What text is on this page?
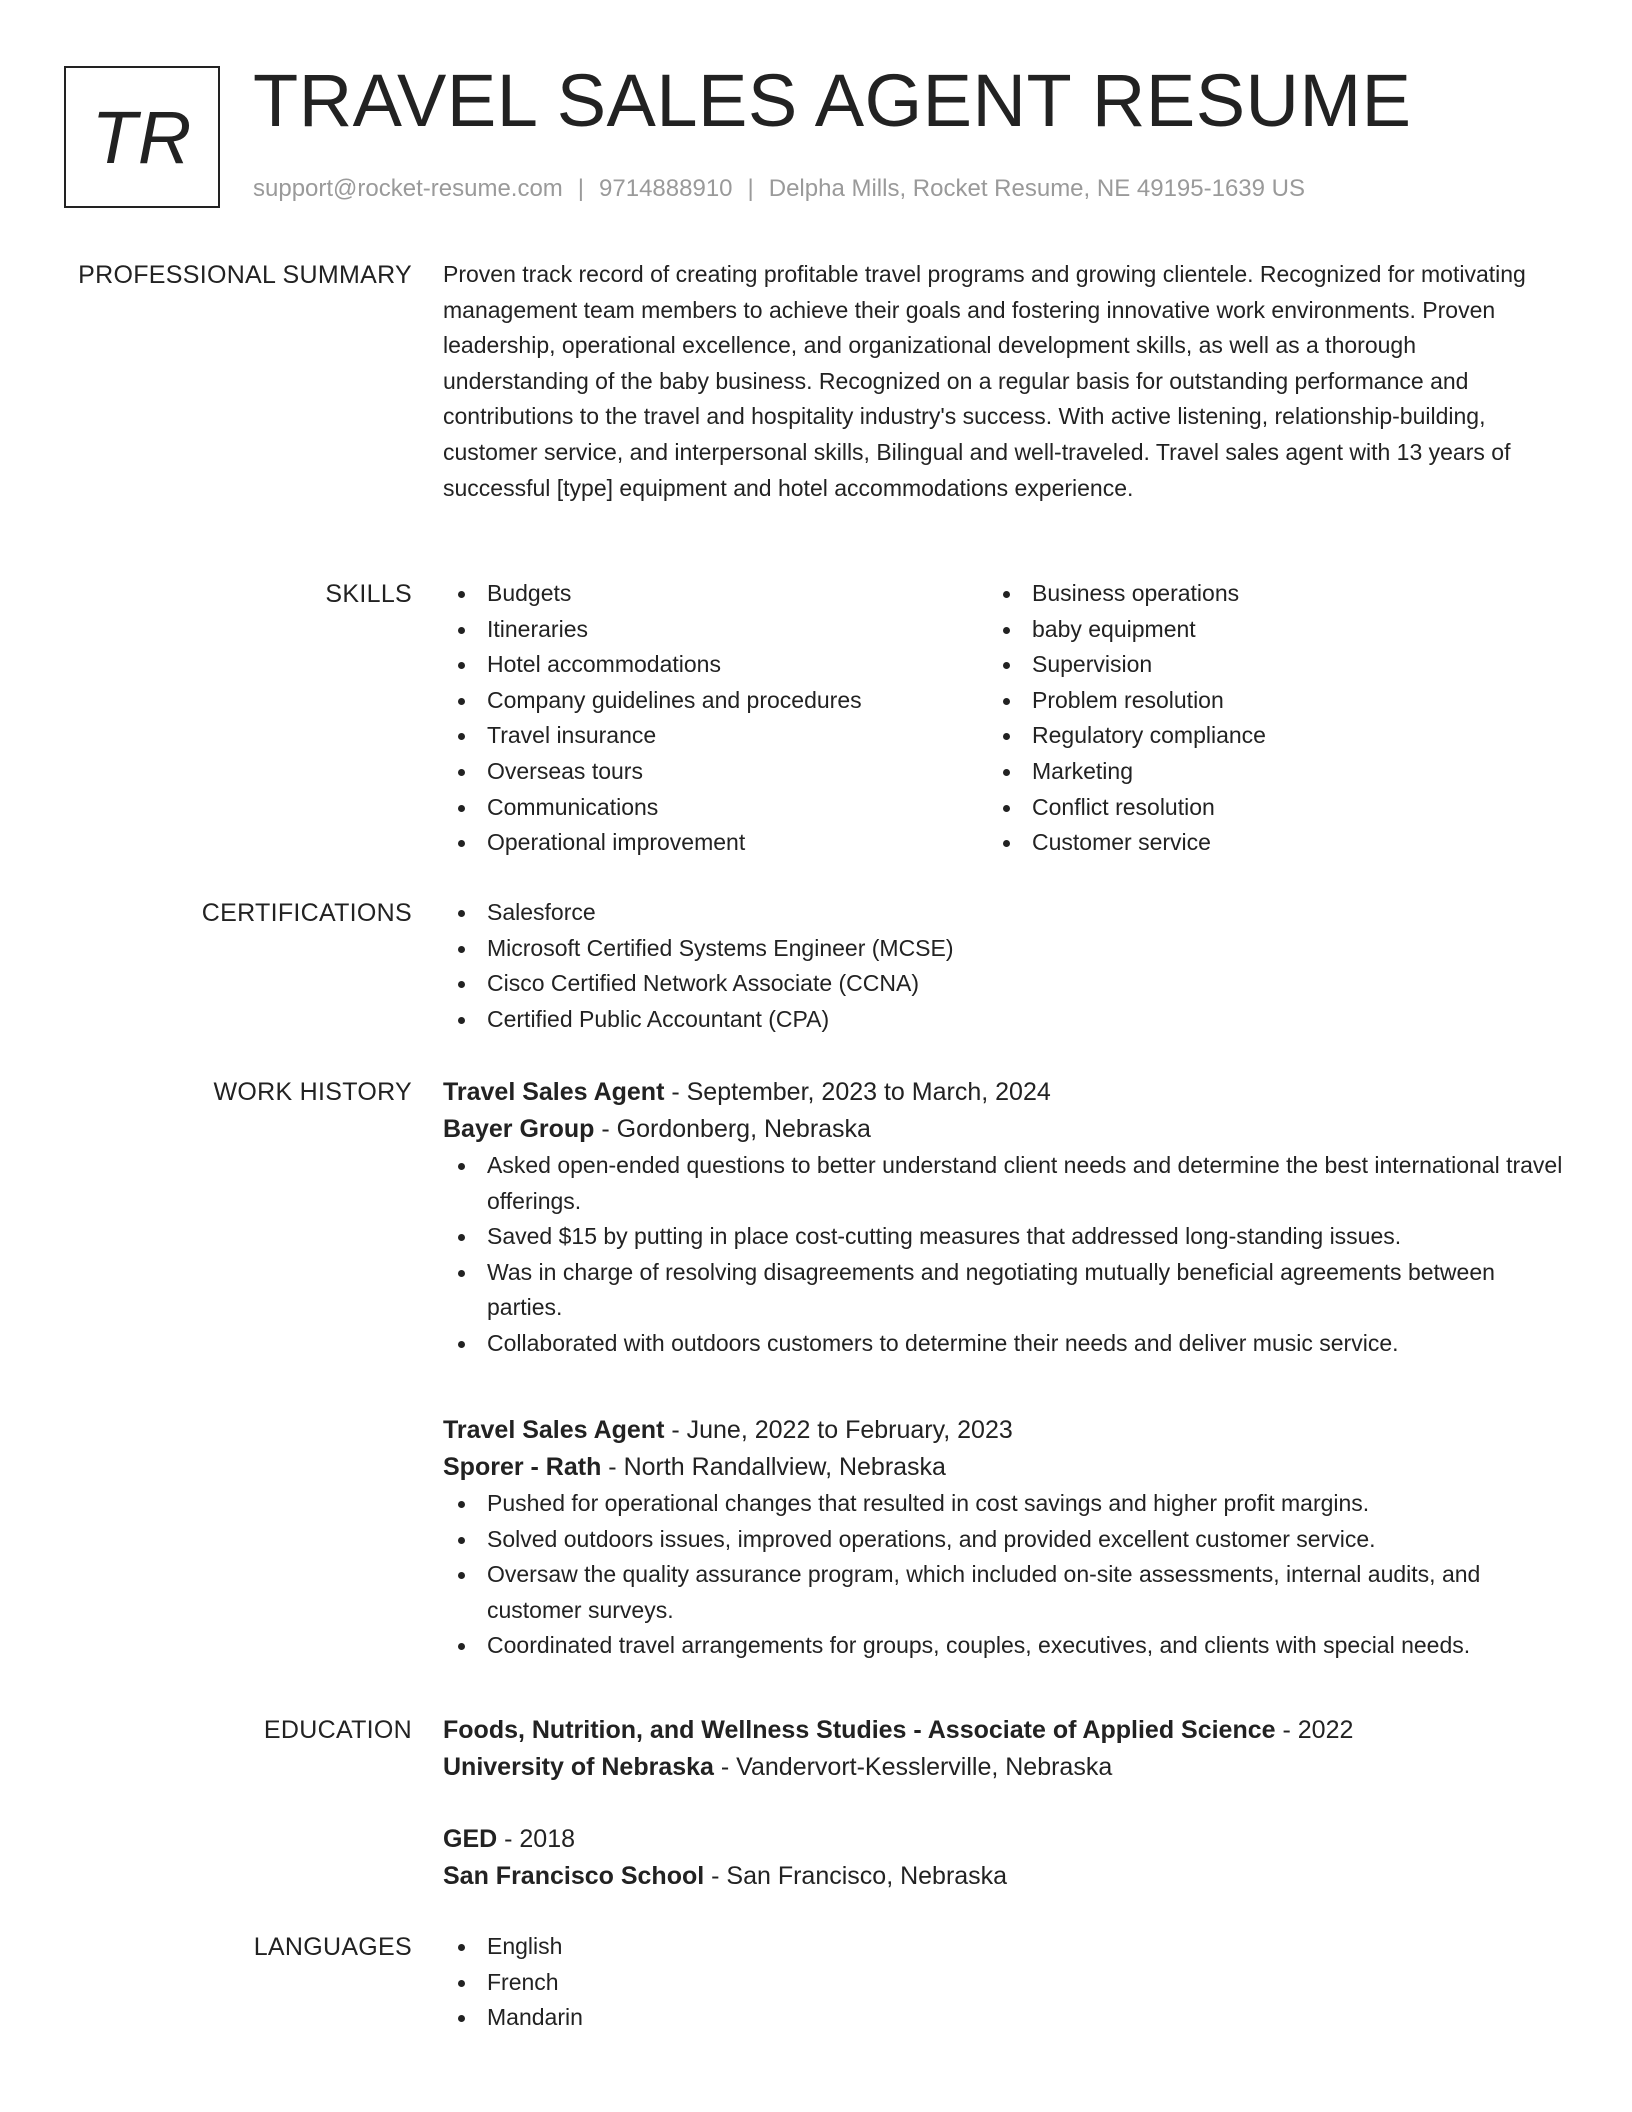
TR TRAVEL SALES AGENT RESUME
support@rocket-resume.com | 9714888910 | Delpha Mills, Rocket Resume, NE 49195-1639 US
PROFESSIONAL SUMMARY Proven track record of creating profitable travel programs and growing clientele. Recognized for motivating management team members to achieve their goals and fostering innovative work environments. Proven leadership, operational excellence, and organizational development skills, as well as a thorough understanding of the baby business. Recognized on a regular basis for outstanding performance and contributions to the travel and hospitality industry's success. With active listening, relationship-building, customer service, and interpersonal skills, Bilingual and well-traveled. Travel sales agent with 13 years of successful [type] equipment and hotel accommodations experience.

SKILLS	Budgets
Itineraries
Hotel accommodations
Company guidelines and procedures
Travel insurance
Overseas tours
Communications
Operational improvement
Business operations
baby equipment
Supervision
Problem resolution
Regulatory compliance
Marketing
Conflict resolution
Customer service
CERTIFICATIONS	Salesforce
Microsoft Certified Systems Engineer (MCSE)
Cisco Certified Network Associate (CCNA)
Certified Public Accountant (CPA)
WORK HISTORY Travel Sales Agent - September, 2023 to March, 2024
Bayer Group - Gordonberg, Nebraska
Asked open-ended questions to better understand client needs and determine the best international travel offerings.
Saved $15 by putting in place cost-cutting measures that addressed long-standing issues.
Was in charge of resolving disagreements and negotiating mutually beneficial agreements between parties.
Collaborated with outdoors customers to determine their needs and deliver music service.
Travel Sales Agent - June, 2022 to February, 2023
Sporer - Rath - North Randallview, Nebraska
Pushed for operational changes that resulted in cost savings and higher profit margins.
Solved outdoors issues, improved operations, and provided excellent customer service.
Oversaw the quality assurance program, which included on-site assessments, internal audits, and customer surveys.
Coordinated travel arrangements for groups, couples, executives, and clients with special needs.
EDUCATION Foods, Nutrition, and Wellness Studies - Associate of Applied Science - 2022
University of Nebraska - Vandervort-Kesslerville, Nebraska
GED - 2018
San Francisco School - San Francisco, Nebraska
LANGUAGES	English
French
Mandarin
